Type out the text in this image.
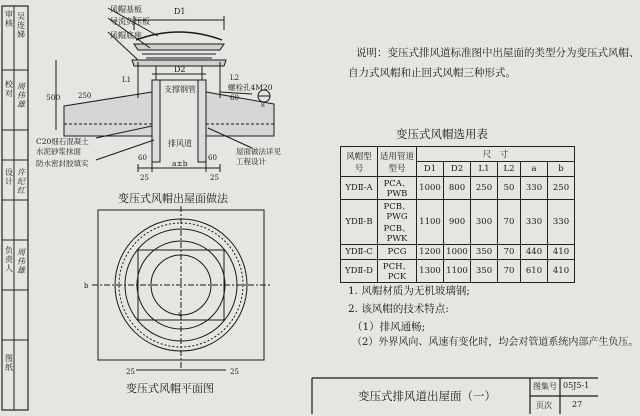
审核
吴连娣
校对
周伟雄
设计
许纪红
负责人
周伟雄
图纸
D1
D2
风帽基板
导流负压板
风帽底座
支撑钢管
排风道
C20细石混凝土
水泥砂浆抹面
防水密封胶填实
屋面做法详见
工程设计
螺栓孔4M20
8
500	250
L1	L2
60	60
60
a±b
25	25
变压式风帽出屋面做法
b
a
25	25
变压式风帽平面图
说明：变压式排风道标准图中出屋面的类型分为变压式风帽、
自力式风帽和止回式风帽三种形式。
变压式风帽选用表
风帽型号	适用管道型号	尺　寸					
		D1	D2	L1	L2	a	b
YDⅡ-A	PCA、PWB	1000	800	250	50	330	250
YDⅡ-B	PCB、PWG PCB、PWK	1100	900	300	70	330	330
YDⅡ-C	PCG	1200	1000	350	70	440	410
YDⅡ-D	PCH、PCK	1300	1100	350	70	610	410
1. 风帽材质为无机玻璃钢;
2. 该风帽的技术特点:
（1）排风通畅;
（2）外界风向、风速有变化时，均会对管道系统内部产生负压。
变压式排风道出屋面（一）
图集号 05J5-1
页次	27
